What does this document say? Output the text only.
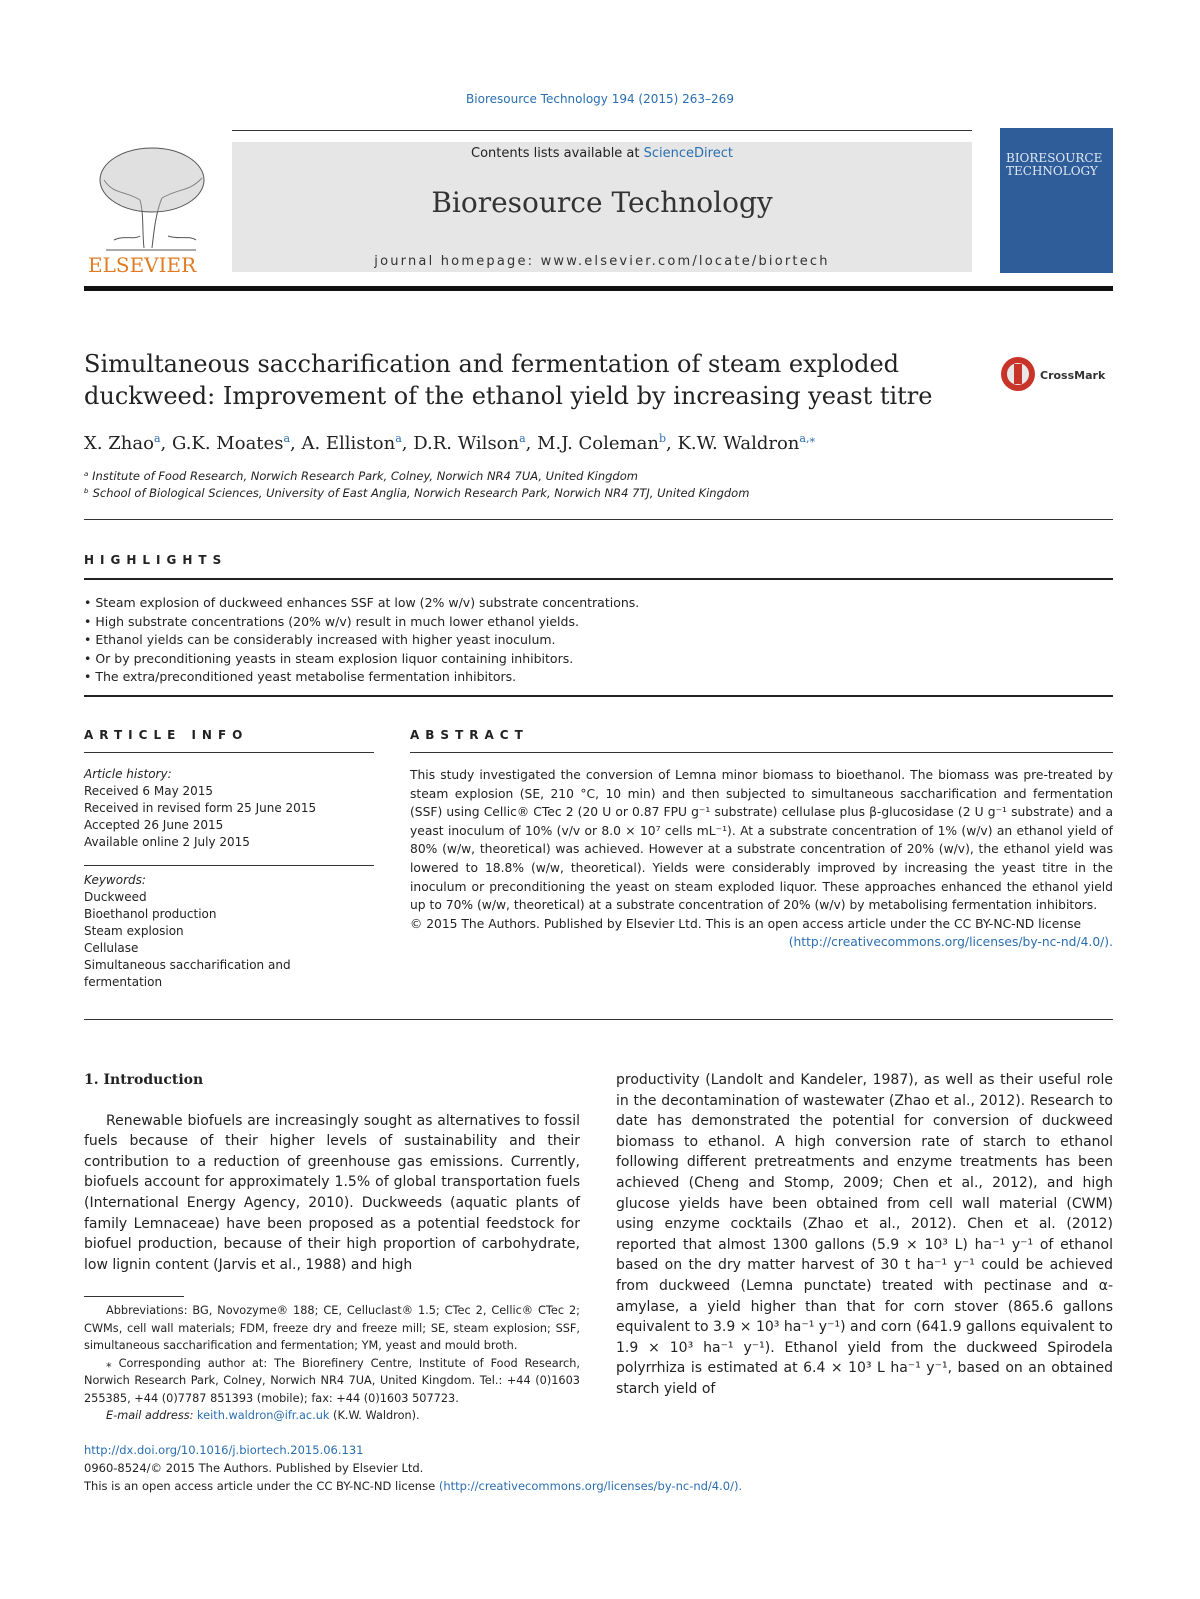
Bioresource Technology 194 (2015) 263–269
ELSEVIER
Contents lists available at ScienceDirect
Bioresource Technology
journal homepage: www.elsevier.com/locate/biortech
BIORESOURCE TECHNOLOGY
Simultaneous saccharification and fermentation of steam exploded duckweed: Improvement of the ethanol yield by increasing yeast titre
CrossMark
X. Zhao$^a$, G.K. Moates$^a$, A. Elliston$^a$, D.R. Wilson$^a$, M.J. Coleman$^b$, K.W. Waldron$^{a,⁎}$
ᵃ Institute of Food Research, Norwich Research Park, Colney, Norwich NR4 7UA, United Kingdom
ᵇ School of Biological Sciences, University of East Anglia, Norwich Research Park, Norwich NR4 7TJ, United Kingdom
HIGHLIGHTS
• Steam explosion of duckweed enhances SSF at low (2% w/v) substrate concentrations.
• High substrate concentrations (20% w/v) result in much lower ethanol yields.
• Ethanol yields can be considerably increased with higher yeast inoculum.
• Or by preconditioning yeasts in steam explosion liquor containing inhibitors.
• The extra/preconditioned yeast metabolise fermentation inhibitors.
ARTICLE INFO
Article history:
Received 6 May 2015
Received in revised form 25 June 2015
Accepted 26 June 2015
Available online 2 July 2015
Keywords:
Duckweed
Bioethanol production
Steam explosion
Cellulase
Simultaneous saccharification and
fermentation
ABSTRACT
This study investigated the conversion of Lemna minor biomass to bioethanol. The biomass was pre-treated by steam explosion (SE, 210 °C, 10 min) and then subjected to simultaneous saccharification and fermentation (SSF) using Cellic® CTec 2 (20 U or 0.87 FPU g⁻¹ substrate) cellulase plus β-glucosidase (2 U g⁻¹ substrate) and a yeast inoculum of 10% (v/v or 8.0 × 10⁷ cells mL⁻¹). At a substrate concentration of 1% (w/v) an ethanol yield of 80% (w/w, theoretical) was achieved. However at a substrate concentration of 20% (w/v), the ethanol yield was lowered to 18.8% (w/w, theoretical). Yields were considerably improved by increasing the yeast titre in the inoculum or preconditioning the yeast on steam exploded liquor. These approaches enhanced the ethanol yield up to 70% (w/w, theoretical) at a substrate concentration of 20% (w/v) by metabolising fermentation inhibitors.
© 2015 The Authors. Published by Elsevier Ltd. This is an open access article under the CC BY-NC-ND license
(http://creativecommons.org/licenses/by-nc-nd/4.0/).
1. Introduction

Renewable biofuels are increasingly sought as alternatives to fossil fuels because of their higher levels of sustainability and their contribution to a reduction of greenhouse gas emissions. Currently, biofuels account for approximately 1.5% of global transportation fuels (International Energy Agency, 2010). Duckweeds (aquatic plants of family Lemnaceae) have been proposed as a potential feedstock for biofuel production, because of their high proportion of carbohydrate, low lignin content (Jarvis et al., 1988) and high

productivity (Landolt and Kandeler, 1987), as well as their useful role in the decontamination of wastewater (Zhao et al., 2012). Research to date has demonstrated the potential for conversion of duckweed biomass to ethanol. A high conversion rate of starch to ethanol following different pretreatments and enzyme treatments has been achieved (Cheng and Stomp, 2009; Chen et al., 2012), and high glucose yields have been obtained from cell wall material (CWM) using enzyme cocktails (Zhao et al., 2012). Chen et al. (2012) reported that almost 1300 gallons (5.9 × 10³ L) ha⁻¹ y⁻¹ of ethanol based on the dry matter harvest of 30 t ha⁻¹ y⁻¹ could be achieved from duckweed (Lemna punctate) treated with pectinase and α-amylase, a yield higher than that for corn stover (865.6 gallons equivalent to 3.9 × 10³ ha⁻¹ y⁻¹) and corn (641.9 gallons equivalent to 1.9 × 10³ ha⁻¹ y⁻¹). Ethanol yield from the duckweed Spirodela polyrrhiza is estimated at 6.4 × 10³ L ha⁻¹ y⁻¹, based on an obtained starch yield of
Abbreviations: BG, Novozyme® 188; CE, Celluclast® 1.5; CTec 2, Cellic® CTec 2; CWMs, cell wall materials; FDM, freeze dry and freeze mill; SE, steam explosion; SSF, simultaneous saccharification and fermentation; YM, yeast and mould broth.
⁎ Corresponding author at: The Biorefinery Centre, Institute of Food Research, Norwich Research Park, Colney, Norwich NR4 7UA, United Kingdom. Tel.: +44 (0)1603 255385, +44 (0)7787 851393 (mobile); fax: +44 (0)1603 507723.
E-mail address: keith.waldron@ifr.ac.uk (K.W. Waldron).
http://dx.doi.org/10.1016/j.biortech.2015.06.131
0960-8524/© 2015 The Authors. Published by Elsevier Ltd.
This is an open access article under the CC BY-NC-ND license (http://creativecommons.org/licenses/by-nc-nd/4.0/).
